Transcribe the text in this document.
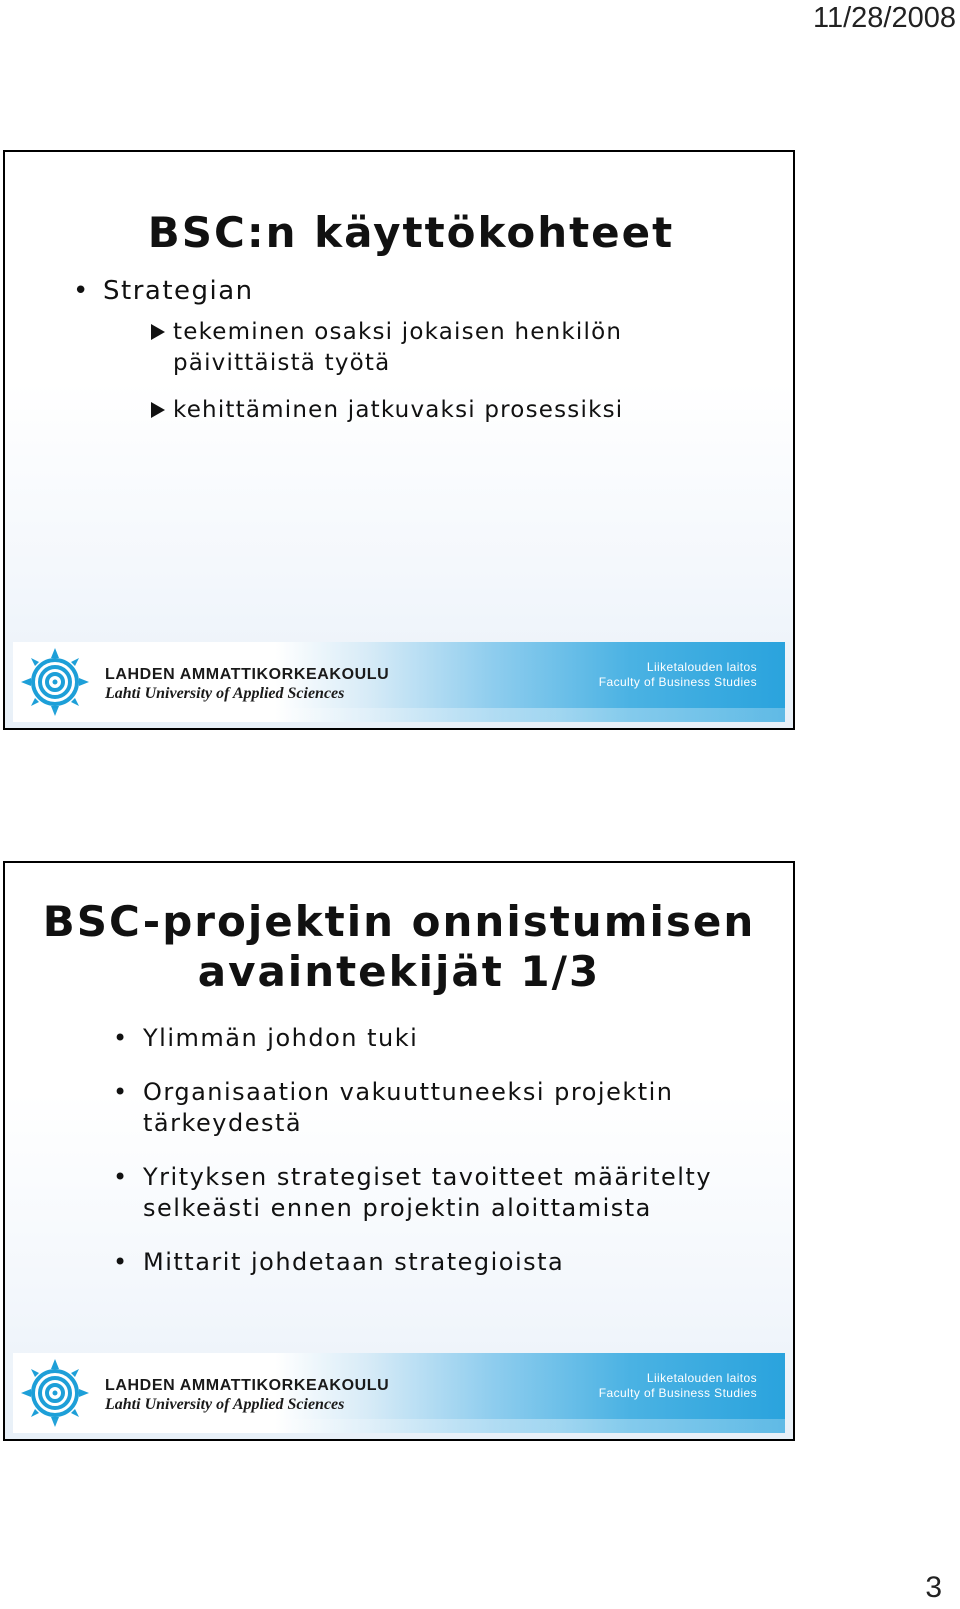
11/28/2008
BSC:n käyttökohteet
• Strategian
tekeminen osaksi jokaisen henkilön
päivittäistä työtä
kehittäminen jatkuvaksi prosessiksi
LAHDEN AMMATTIKORKEAKOULU
Lahti University of Applied Sciences
Liiketalouden laitos
Faculty of Business Studies
BSC-projektin onnistumisen
avaintekijät 1/3
• Ylimmän johdon tuki
• Organisaation vakuuttuneeksi projektin
tärkeydestä
• Yrityksen strategiset tavoitteet määritelty
selkeästi ennen projektin aloittamista
• Mittarit johdetaan strategioista
LAHDEN AMMATTIKORKEAKOULU
Lahti University of Applied Sciences
Liiketalouden laitos
Faculty of Business Studies
3
